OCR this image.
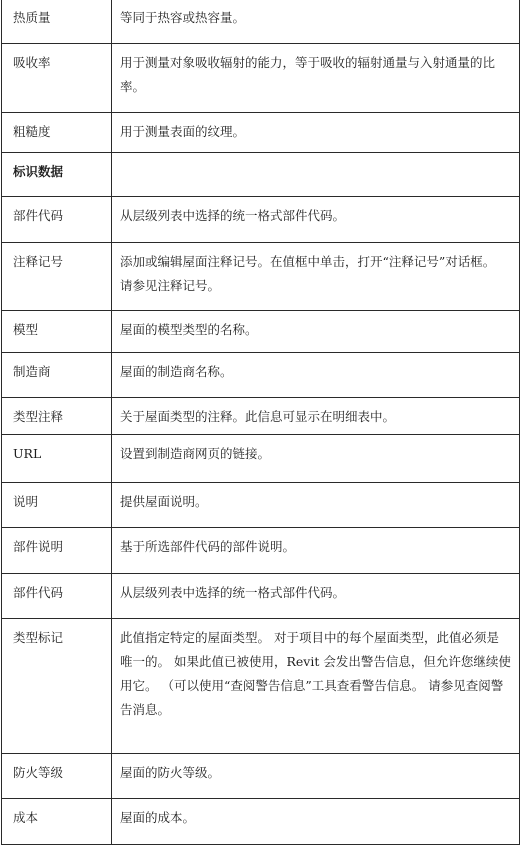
热质量	等同于热容或热容量。
吸收率	用于测量对象吸收辐射的能力，等于吸收的辐射通量与入射通量的比率。
粗糙度	用于测量表面的纹理。
标识数据	
部件代码	从层级列表中选择的统一格式部件代码。
注释记号	添加或编辑屋面注释记号。在值框中单击，打开“注释记号”对话框。 请参见注释记号。
模型	屋面的模型类型的名称。
制造商	屋面的制造商名称。
类型注释	关于屋面类型的注释。此信息可显示在明细表中。
URL	设置到制造商网页的链接。
说明	提供屋面说明。
部件说明	基于所选部件代码的部件说明。
部件代码	从层级列表中选择的统一格式部件代码。
类型标记	此值指定特定的屋面类型。 对于项目中的每个屋面类型，此值必须是唯一的。 如果此值已被使用，Revit 会发出警告信息，但允许您继续使用它。 （可以使用“查阅警告信息”工具查看警告信息。 请参见查阅警告消息。
防火等级	屋面的防火等级。
成本	屋面的成本。
